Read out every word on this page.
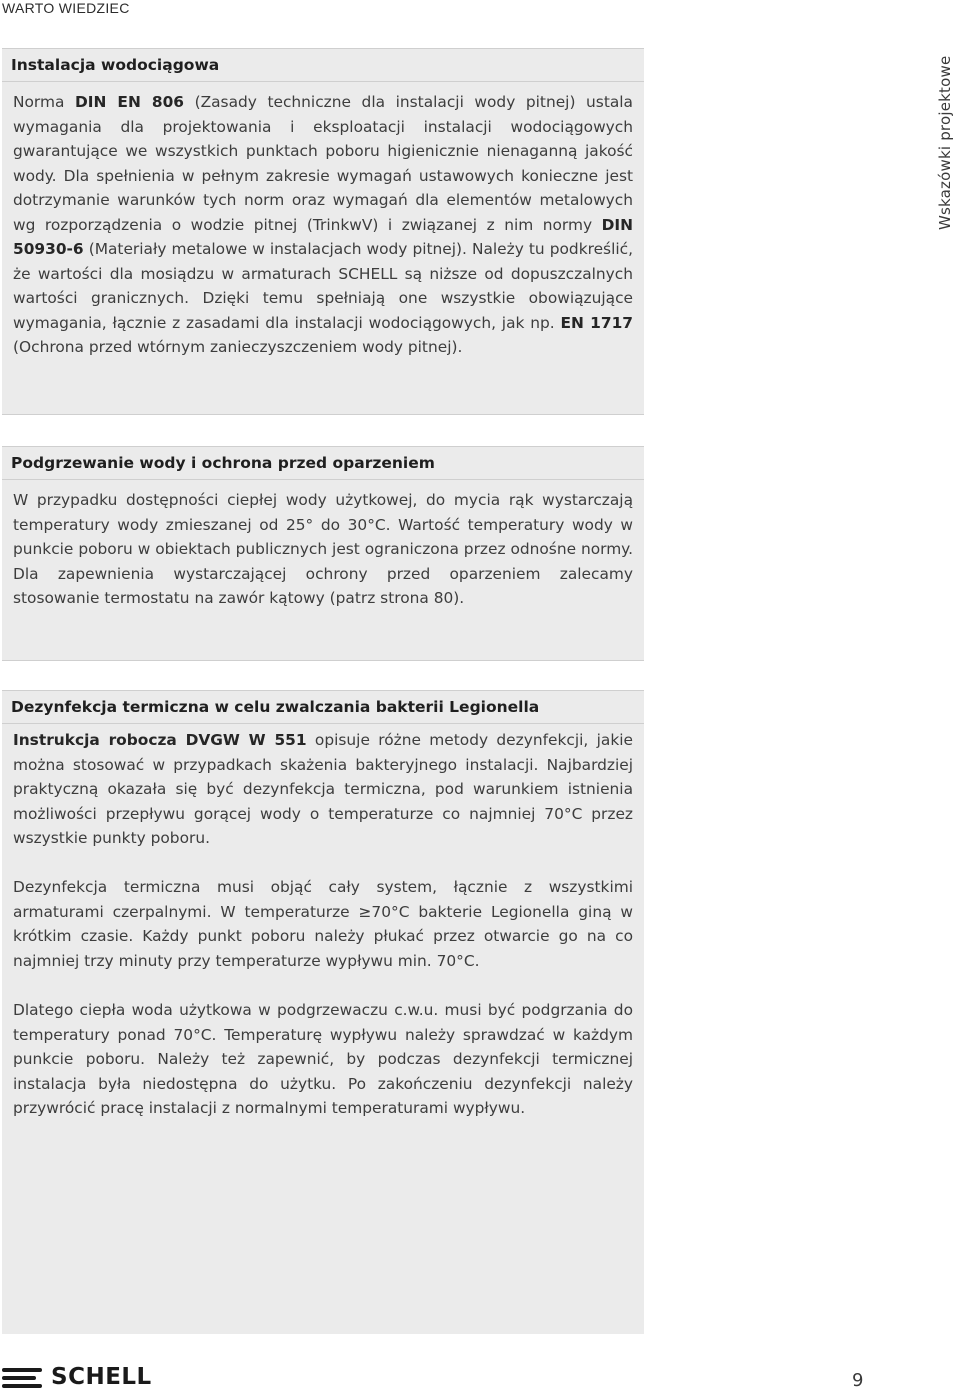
WARTO WIEDZIEC
Wskazówki projektowe
Instalacja wodociągowa

Norma DIN EN 806 (Zasady techniczne dla instalacji wody pitnej) ustala wymagania dla projektowania i eksploatacji instalacji wodociągowych gwarantujące we wszystkich punktach poboru higienicznie nienaganną jakość wody. Dla spełnienia w pełnym zakresie wymagań ustawowych konieczne jest dotrzymanie warunków tych norm oraz wymagań dla elementów metalowych wg rozporządzenia o wodzie pitnej (TrinkwV) i związanej z nim normy DIN 50930-6 (Materiały metalowe w instalacjach wody pitnej). Należy tu podkreślić, że wartości dla mosiądzu w armaturach SCHELL są niższe od dopuszczalnych wartości granicznych. Dzięki temu spełniają one wszystkie obowiązujące wymagania, łącznie z zasadami dla instalacji wodociągowych, jak np. EN 1717 (Ochrona przed wtórnym zanieczyszczeniem wody pitnej).

Podgrzewanie wody i ochrona przed oparzeniem

W przypadku dostępności ciepłej wody użytkowej, do mycia rąk wystarczają temperatury wody zmieszanej od 25° do 30°C. Wartość temperatury wody w punkcie poboru w obiektach publicznych jest ograniczona przez odnośne normy. Dla zapewnienia wystarczającej ochrony przed oparzeniem zalecamy stosowanie termostatu na zawór kątowy (patrz strona 80).

Dezynfekcja termiczna w celu zwalczania bakterii Legionella

Instrukcja robocza DVGW W 551 opisuje różne metody dezynfekcji, jakie można stosować w przypadkach skażenia bakteryjnego instalacji. Najbardziej praktyczną okazała się być dezynfekcja termiczna, pod warunkiem istnienia możliwości przepływu gorącej wody o temperaturze co najmniej 70°C przez wszystkie punkty poboru.

Dezynfekcja termiczna musi objąć cały system, łącznie z wszystkimi armaturami czerpalnymi. W temperaturze ≥70°C bakterie Legionella giną w krótkim czasie. Każdy punkt poboru należy płukać przez otwarcie go na co najmniej trzy minuty przy temperaturze wypływu min. 70°C.

Dlatego ciepła woda użytkowa w podgrzewaczu c.w.u. musi być podgrzania do temperatury ponad 70°C. Temperaturę wypływu należy sprawdzać w każdym punkcie poboru. Należy też zapewnić, by podczas dezynfekcji termicznej instalacja była niedostępna do użytku. Po zakończeniu dezynfekcji należy przywrócić pracę instalacji z normalnymi temperaturami wypływu.

SCHELL	9
